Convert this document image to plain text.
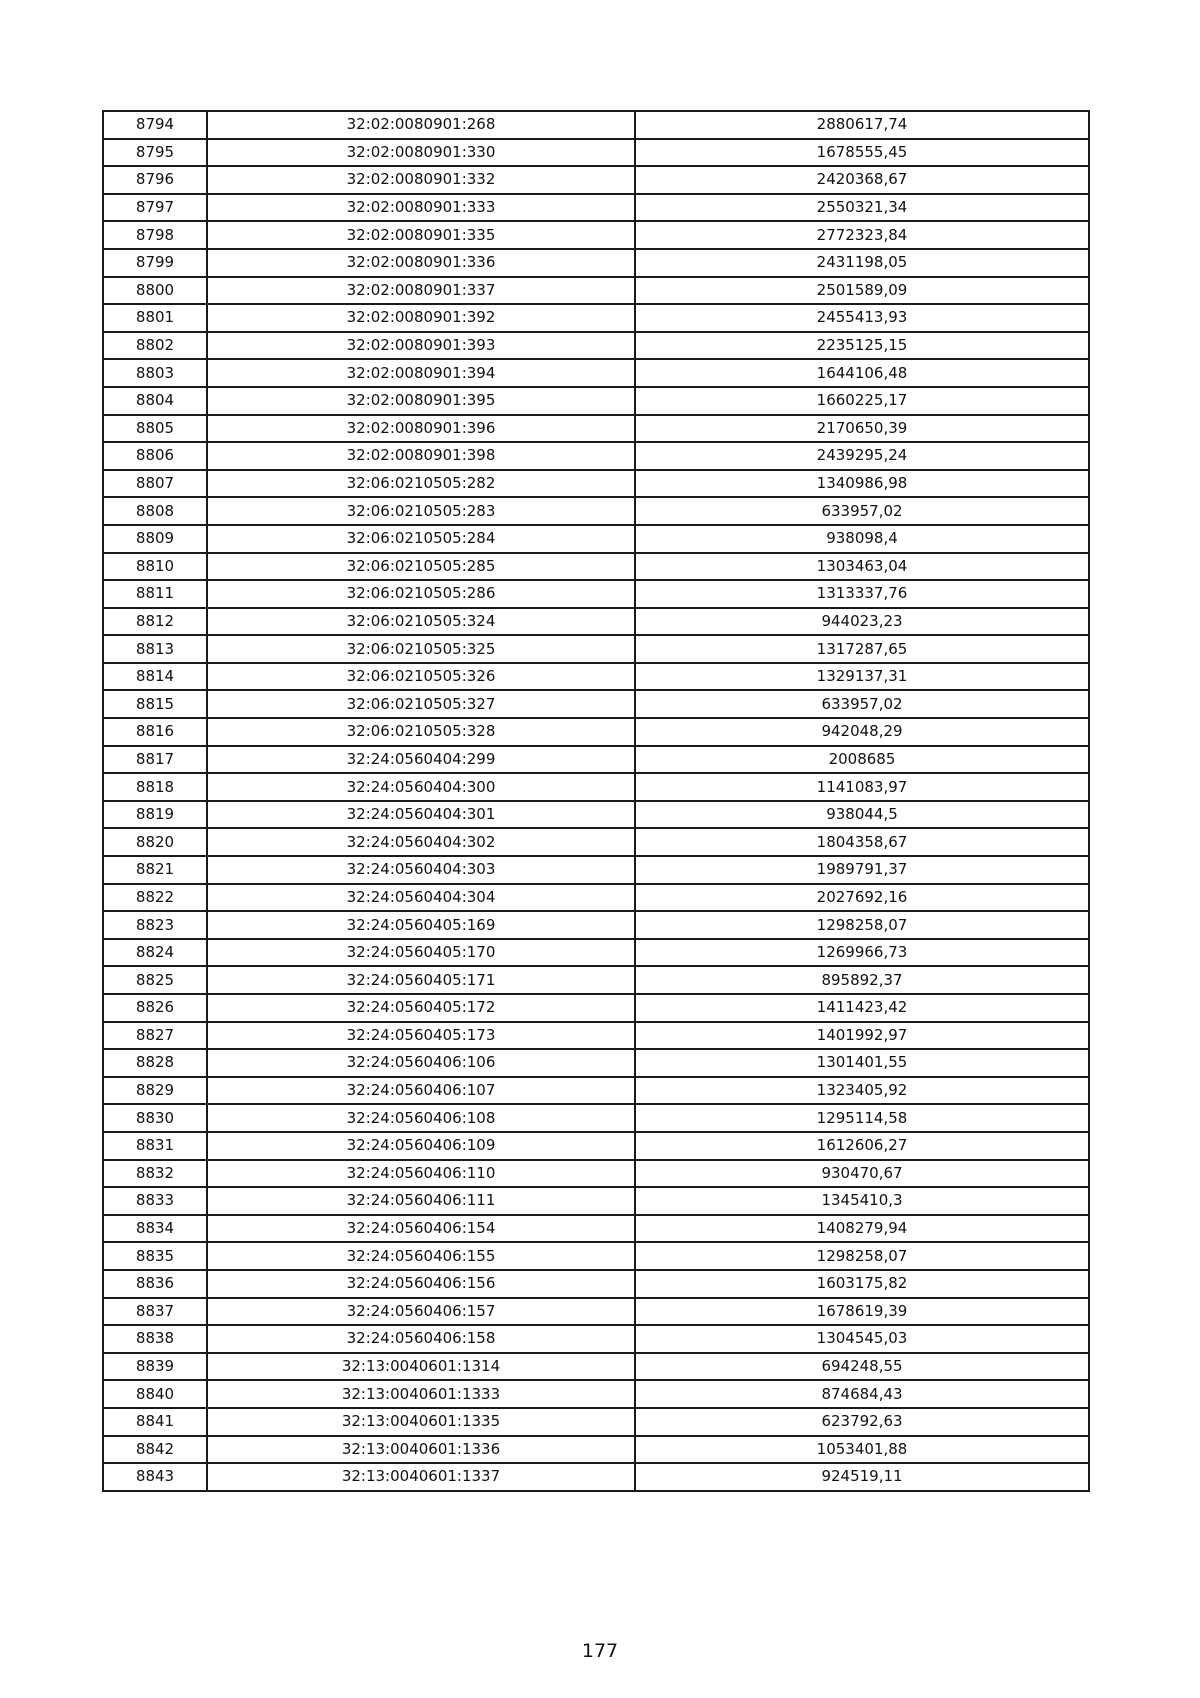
8794	32:02:0080901:268	2880617,74
8795	32:02:0080901:330	1678555,45
8796	32:02:0080901:332	2420368,67
8797	32:02:0080901:333	2550321,34
8798	32:02:0080901:335	2772323,84
8799	32:02:0080901:336	2431198,05
8800	32:02:0080901:337	2501589,09
8801	32:02:0080901:392	2455413,93
8802	32:02:0080901:393	2235125,15
8803	32:02:0080901:394	1644106,48
8804	32:02:0080901:395	1660225,17
8805	32:02:0080901:396	2170650,39
8806	32:02:0080901:398	2439295,24
8807	32:06:0210505:282	1340986,98
8808	32:06:0210505:283	633957,02
8809	32:06:0210505:284	938098,4
8810	32:06:0210505:285	1303463,04
8811	32:06:0210505:286	1313337,76
8812	32:06:0210505:324	944023,23
8813	32:06:0210505:325	1317287,65
8814	32:06:0210505:326	1329137,31
8815	32:06:0210505:327	633957,02
8816	32:06:0210505:328	942048,29
8817	32:24:0560404:299	2008685
8818	32:24:0560404:300	1141083,97
8819	32:24:0560404:301	938044,5
8820	32:24:0560404:302	1804358,67
8821	32:24:0560404:303	1989791,37
8822	32:24:0560404:304	2027692,16
8823	32:24:0560405:169	1298258,07
8824	32:24:0560405:170	1269966,73
8825	32:24:0560405:171	895892,37
8826	32:24:0560405:172	1411423,42
8827	32:24:0560405:173	1401992,97
8828	32:24:0560406:106	1301401,55
8829	32:24:0560406:107	1323405,92
8830	32:24:0560406:108	1295114,58
8831	32:24:0560406:109	1612606,27
8832	32:24:0560406:110	930470,67
8833	32:24:0560406:111	1345410,3
8834	32:24:0560406:154	1408279,94
8835	32:24:0560406:155	1298258,07
8836	32:24:0560406:156	1603175,82
8837	32:24:0560406:157	1678619,39
8838	32:24:0560406:158	1304545,03
8839	32:13:0040601:1314	694248,55
8840	32:13:0040601:1333	874684,43
8841	32:13:0040601:1335	623792,63
8842	32:13:0040601:1336	1053401,88
8843	32:13:0040601:1337	924519,11
177
